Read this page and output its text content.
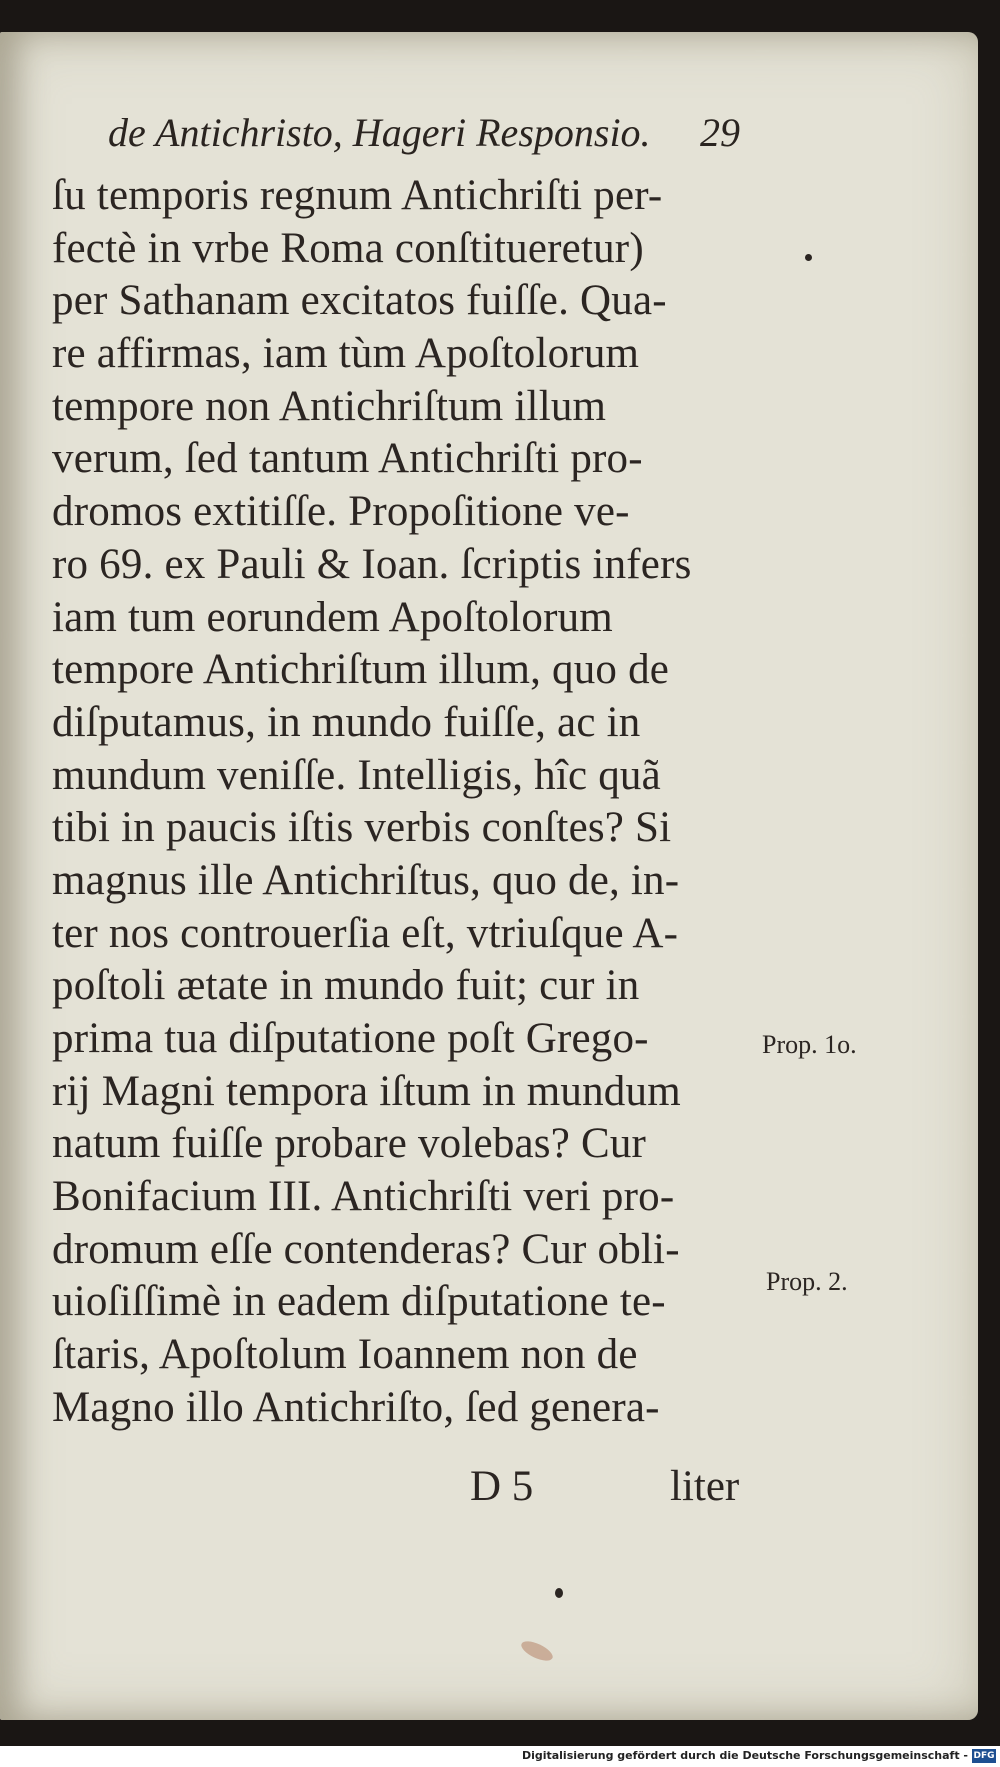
de Antichristo, Hageri Responsio.	29
ſu temporis regnum Antichriſti per-
fectè in vrbe Roma conſtitueretur)
per Sathanam excitatos fuiſſe. Qua-
re affirmas, iam tùm Apoſtolorum
tempore non Antichriſtum illum
verum, ſed tantum Antichriſti pro-
dromos extitiſſe. Propoſitione ve-
ro 69. ex Pauli & Ioan. ſcriptis infers
iam tum eorundem Apoſtolorum
tempore Antichriſtum illum, quo de
diſputamus, in mundo fuiſſe, ac in
mundum veniſſe. Intelligis, hîc quã
tibi in paucis iſtis verbis conſtes? Si
magnus ille Antichriſtus, quo de, in-
ter nos controuerſia eſt, vtriuſque A-
poſtoli ætate in mundo fuit; cur in
prima tua diſputatione poſt Grego-
rij Magni tempora iſtum in mundum
natum fuiſſe probare volebas? Cur
Bonifacium III. Antichriſti veri pro-
dromum eſſe contenderas? Cur obli-
uioſiſſimè in eadem diſputatione te-
ſtaris, Apoſtolum Ioannem non de
Magno illo Antichriſto, ſed genera-
Prop. 1o.
Prop. 2.
D 5	liter
Digitalisierung gefördert durch die Deutsche Forschungsgemeinschaft - DFG
